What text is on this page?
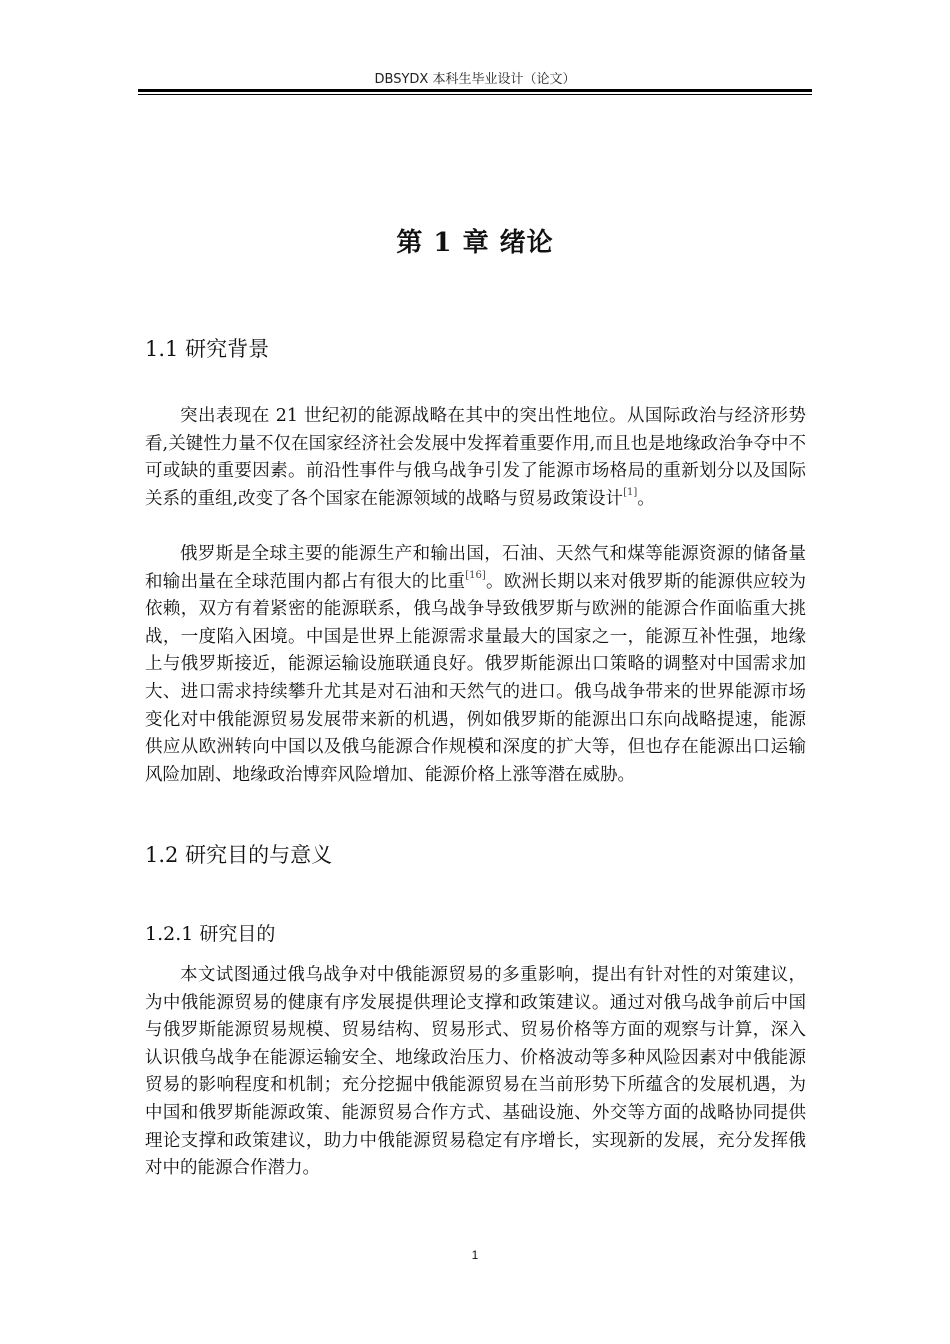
DBSYDX 本科生毕业设计（论文）
第 1 章 绪论
1.1 研究背景

突出表现在 21 世纪初的能源战略在其中的突出性地位。从国际政治与经济形势看,关键性力量不仅在国家经济社会发展中发挥着重要作用,而且也是地缘政治争夺中不可或缺的重要因素。前沿性事件与俄乌战争引发了能源市场格局的重新划分以及国际关系的重组,改变了各个国家在能源领域的战略与贸易政策设计[1]。

俄罗斯是全球主要的能源生产和输出国，石油、天然气和煤等能源资源的储备量和输出量在全球范围内都占有很大的比重[16]。欧洲长期以来对俄罗斯的能源供应较为依赖，双方有着紧密的能源联系，俄乌战争导致俄罗斯与欧洲的能源合作面临重大挑战，一度陷入困境。中国是世界上能源需求量最大的国家之一，能源互补性强，地缘上与俄罗斯接近，能源运输设施联通良好。俄罗斯能源出口策略的调整对中国需求加大、进口需求持续攀升尤其是对石油和天然气的进口。俄乌战争带来的世界能源市场变化对中俄能源贸易发展带来新的机遇，例如俄罗斯的能源出口东向战略提速，能源供应从欧洲转向中国以及俄乌能源合作规模和深度的扩大等，但也存在能源出口运输风险加剧、地缘政治博弈风险增加、能源价格上涨等潜在威胁。

1.2 研究目的与意义
1.2.1 研究目的

本文试图通过俄乌战争对中俄能源贸易的多重影响，提出有针对性的对策建议，为中俄能源贸易的健康有序发展提供理论支撑和政策建议。通过对俄乌战争前后中国与俄罗斯能源贸易规模、贸易结构、贸易形式、贸易价格等方面的观察与计算，深入认识俄乌战争在能源运输安全、地缘政治压力、价格波动等多种风险因素对中俄能源贸易的影响程度和机制；充分挖掘中俄能源贸易在当前形势下所蕴含的发展机遇，为中国和俄罗斯能源政策、能源贸易合作方式、基础设施、外交等方面的战略协同提供理论支撑和政策建议，助力中俄能源贸易稳定有序增长，实现新的发展，充分发挥俄对中的能源合作潜力。

1
